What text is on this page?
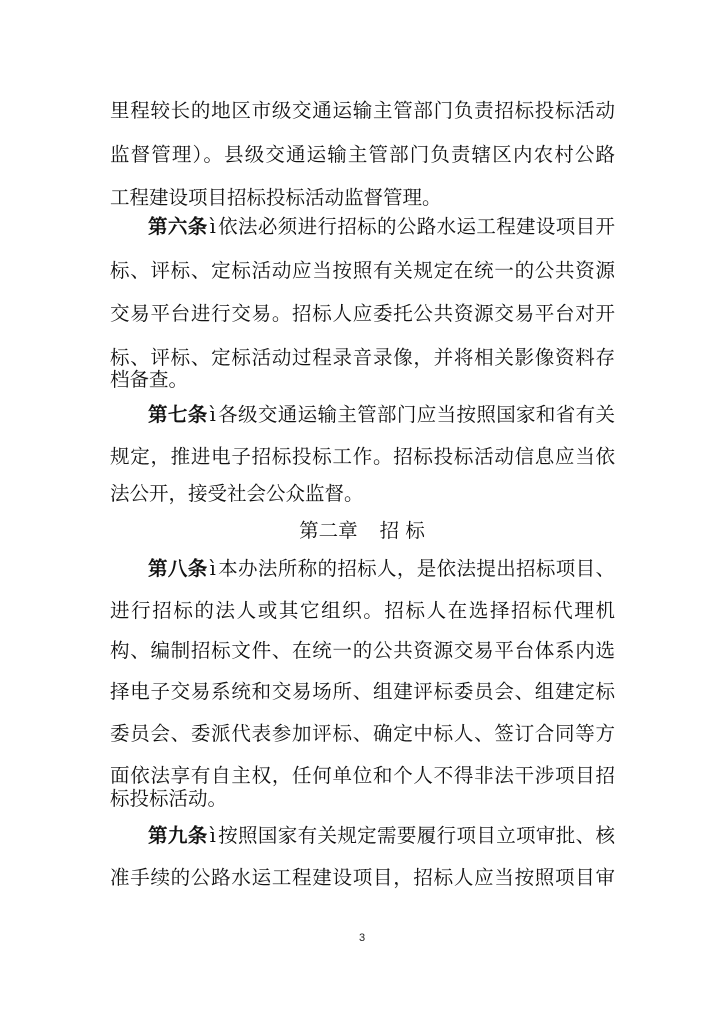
里程较长的地区市级交通运输主管部门负责招标投标活动
监督管理）。县级交通运输主管部门负责辖区内农村公路
工程建设项目招标投标活动监督管理。
第六条 ì 依法必须进行招标的公路水运工程建设项目开
标、评标、定标活动应当按照有关规定在统一的公共资源
交易平台进行交易。招标人应委托公共资源交易平台对开
标、评标、定标活动过程录音录像，并将相关影像资料存
档备查。
第七条 ì 各级交通运输主管部门应当按照国家和省有关
规定，推进电子招标投标工作。招标投标活动信息应当依
法公开，接受社会公众监督。
第二章 招 标
第八条 ì 本办法所称的招标人，是依法提出招标项目、
进行招标的法人或其它组织。招标人在选择招标代理机
构、编制招标文件、在统一的公共资源交易平台体系内选
择电子交易系统和交易场所、组建评标委员会、组建定标
委员会、委派代表参加评标、确定中标人、签订合同等方
面依法享有自主权，任何单位和个人不得非法干涉项目招
标投标活动。
第九条 ì 按照国家有关规定需要履行项目立项审批、核
准手续的公路水运工程建设项目，招标人应当按照项目审
3
